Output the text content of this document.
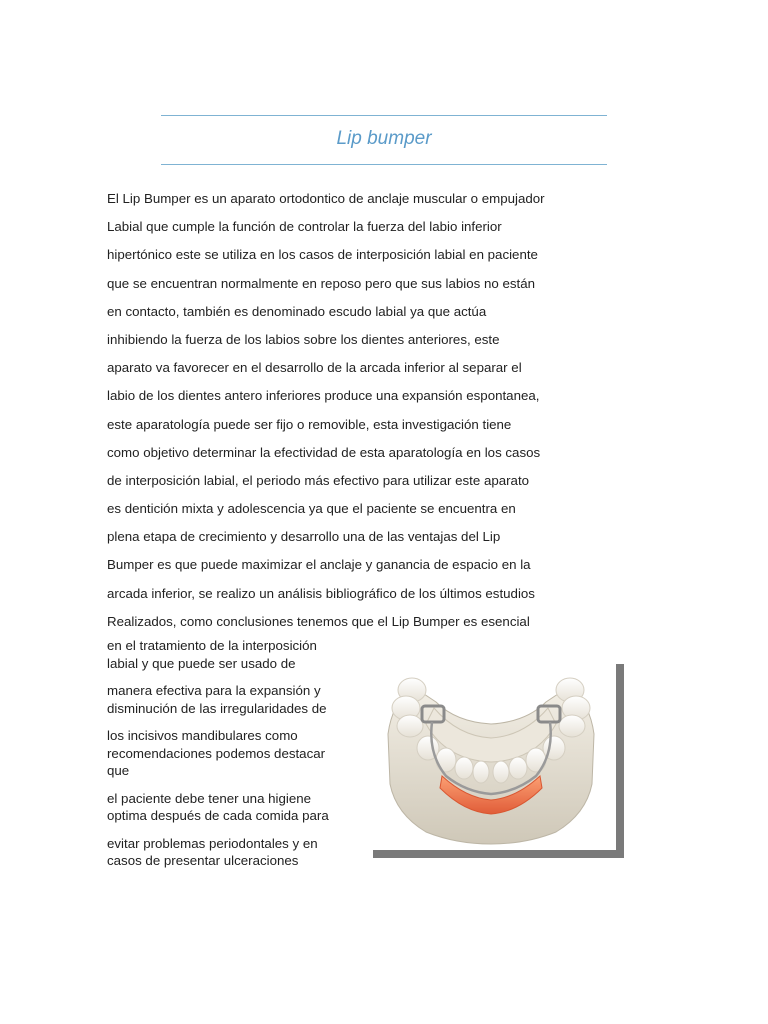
Lip bumper
El Lip Bumper es un aparato ortodontico de anclaje muscular o empujador
Labial que cumple la función de controlar la fuerza del labio inferior
hipertónico este se utiliza en los casos de interposición labial en paciente
que se encuentran normalmente en reposo pero que sus labios no están
en contacto, también es denominado escudo labial ya que actúa
inhibiendo la fuerza de los labios sobre los dientes anteriores, este
aparato va favorecer en el desarrollo de la arcada inferior al separar el
labio de los dientes antero inferiores produce una expansión espontanea,
este aparatología puede ser fijo o removible, esta investigación tiene
como objetivo determinar la efectividad de esta aparatología en los casos
de interposición labial, el periodo más efectivo para utilizar este aparato
es dentición mixta y adolescencia ya que el paciente se encuentra en
plena etapa de crecimiento y desarrollo una de las ventajas del Lip
Bumper es que puede maximizar el anclaje y ganancia de espacio en la
arcada inferior, se realizo un análisis bibliográfico de los últimos estudios
Realizados, como conclusiones tenemos que el Lip Bumper es esencial

en el tratamiento de la interposición labial y que puede ser usado de

manera efectiva para la expansión y disminución de las irregularidades de

los incisivos mandibulares como recomendaciones podemos destacar que

el paciente debe tener una higiene optima después de cada comida para

evitar problemas periodontales y en casos de presentar ulceraciones
